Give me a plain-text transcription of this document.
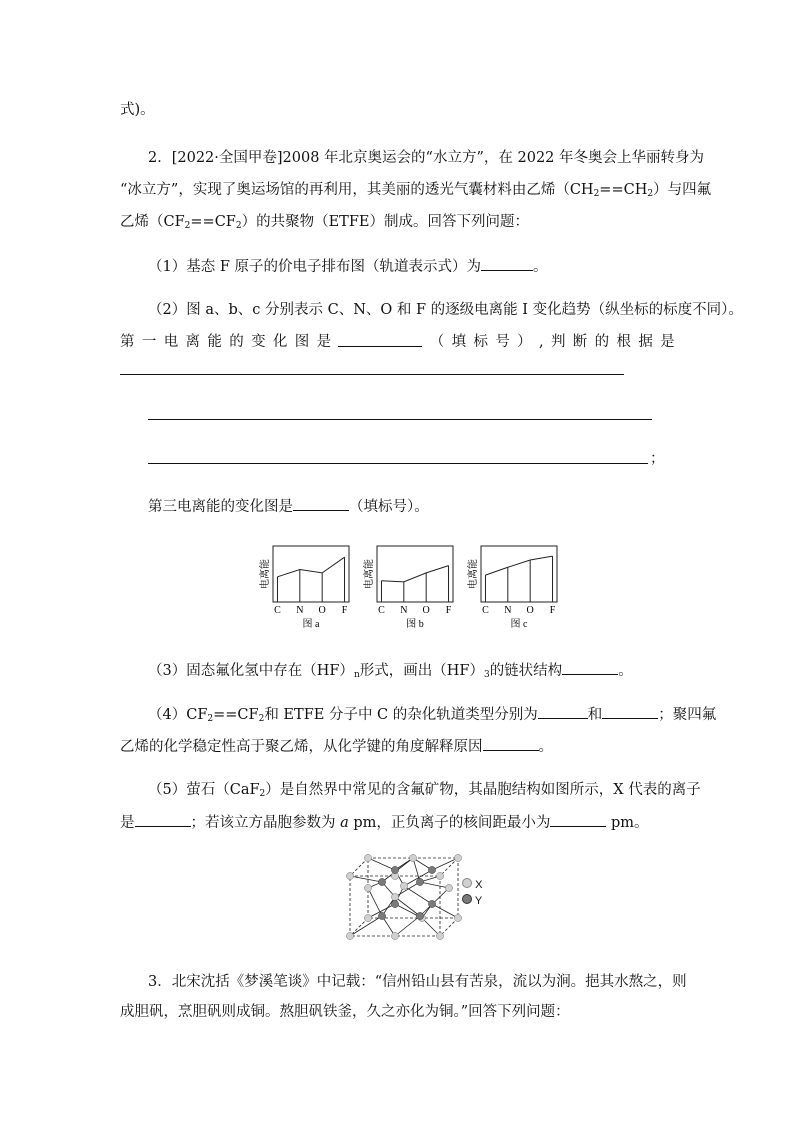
式)。
2．[2022·全国甲卷]2008 年北京奥运会的“水立方”，在 2022 年冬奥会上华丽转身为
“冰立方”，实现了奥运场馆的再利用，其美丽的透光气囊材料由乙烯$(CH_2==CH_2)$与四氟
乙烯$(CF_2==CF_2)$的共聚物（ETFE）制成。回答下列问题：
（1）基态 F 原子的价电子排布图（轨道表示式）为	。
（2）图 a、b、c 分别表示 C、N、O 和 F 的逐级电离能 I 变化趋势（纵坐标的标度不同）。
第 一 电 离 能 的 变 化 图 是	（ 填 标 号 ） , 判 断 的 根 据 是
；
第三电离能的变化图是	（填标号）。
电离能
C N O F
图 a
电离能
C N O F
图 b
电离能
C N O F
图 c
（3）固态氟化氢中存在$(HF)_n$形式，画出$(HF)_3$的链状结构	。
$(4)CF_2==CF_2$和 ETFE 分子中 C 的杂化轨道类型分别为	和	；聚四氟
乙烯的化学稳定性高于聚乙烯，从化学键的角度解释原因	。
（5）萤石（CaF$_2$）是自然界中常见的含氟矿物，其晶胞结构如图所示，X 代表的离子
是	；若该立方晶胞参数为 a pm，正负离子的核间距最小为	pm。
X
Y
3．北宋沈括《梦溪笔谈》中记载：“信州铅山县有苦泉，流以为涧。挹其水熬之，则
成胆矾，烹胆矾则成铜。熬胆矾铁釜，久之亦化为铜。”回答下列问题：
